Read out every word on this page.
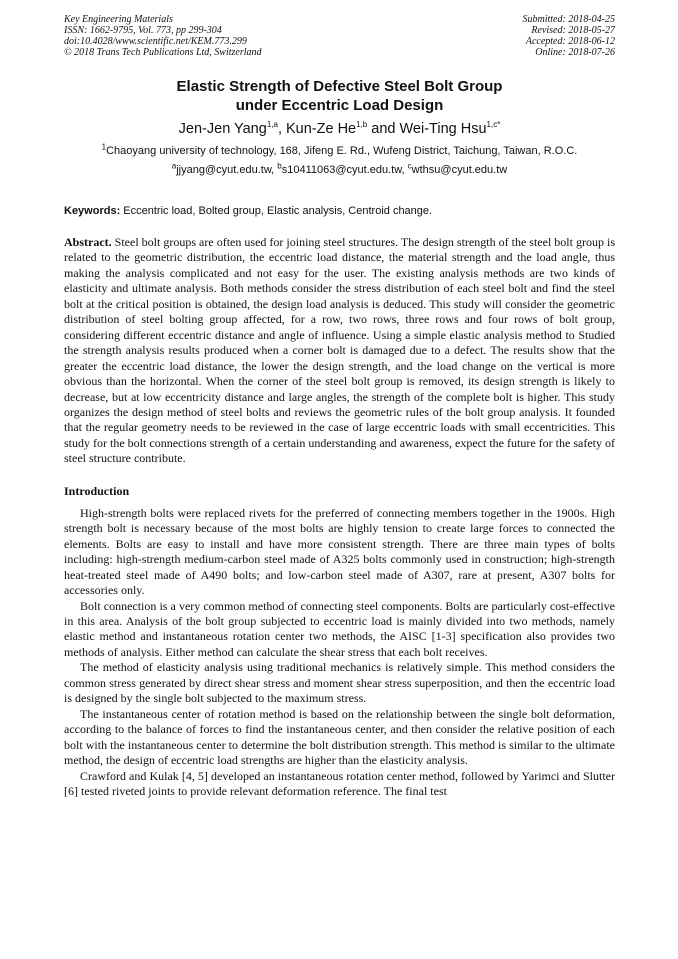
Key Engineering Materials
ISSN: 1662-9795, Vol. 773, pp 299-304
doi:10.4028/www.scientific.net/KEM.773.299
© 2018 Trans Tech Publications Ltd, Switzerland
Submitted: 2018-04-25
Revised: 2018-05-27
Accepted: 2018-06-12
Online: 2018-07-26
Elastic Strength of Defective Steel Bolt Group
under Eccentric Load Design
Jen-Jen Yang$^{1,a}$, Kun-Ze He$^{1,b}$ and Wei-Ting Hsu$^{1,c*}$
$^1$Chaoyang university of technology, 168, Jifeng E. Rd., Wufeng District, Taichung, Taiwan, R.O.C.
$^a$jjyang@cyut.edu.tw, $^b$s10411063@cyut.edu.tw, $^c$wthsu@cyut.edu.tw
Keywords: Eccentric load, Bolted group, Elastic analysis, Centroid change.
Abstract. Steel bolt groups are often used for joining steel structures. The design strength of the steel bolt group is related to the geometric distribution, the eccentric load distance, the material strength and the load angle, thus making the analysis complicated and not easy for the user. The existing analysis methods are two kinds of elasticity and ultimate analysis. Both methods consider the stress distribution of each steel bolt and find the steel bolt at the critical position is obtained, the design load analysis is deduced. This study will consider the geometric distribution of steel bolting group affected, for a row, two rows, three rows and four rows of bolt group, considering different eccentric distance and angle of influence. Using a simple elastic analysis method to Studied the strength analysis results produced when a corner bolt is damaged due to a defect. The results show that the greater the eccentric load distance, the lower the design strength, and the load change on the vertical is more obvious than the horizontal. When the corner of the steel bolt group is removed, its design strength is likely to decrease, but at low eccentricity distance and large angles, the strength of the complete bolt is higher. This study organizes the design method of steel bolts and reviews the geometric rules of the bolt group analysis. It founded that the regular geometry needs to be reviewed in the case of large eccentric loads with small eccentricities. This study for the bolt connections strength of a certain understanding and awareness, expect the future for the safety of steel structure contribute.
Introduction

High-strength bolts were replaced rivets for the preferred of connecting members together in the 1900s. High strength bolt is necessary because of the most bolts are highly tension to create large forces to connected the elements. Bolts are easy to install and have more consistent strength. There are three main types of bolts including: high-strength medium-carbon steel made of A325 bolts commonly used in construction; high-strength heat-treated steel made of A490 bolts; and low-carbon steel made of A307, rare at present, A307 bolts for accessories only.

Bolt connection is a very common method of connecting steel components. Bolts are particularly cost-effective in this area. Analysis of the bolt group subjected to eccentric load is mainly divided into two methods, namely elastic method and instantaneous rotation center two methods, the AISC [1-3] specification also provides two methods of analysis. Either method can calculate the shear stress that each bolt receives.

The method of elasticity analysis using traditional mechanics is relatively simple. This method considers the common stress generated by direct shear stress and moment shear stress superposition, and then the eccentric load is designed by the single bolt subjected to the maximum stress.

The instantaneous center of rotation method is based on the relationship between the single bolt deformation, according to the balance of forces to find the instantaneous center, and then consider the relative position of each bolt with the instantaneous center to determine the bolt distribution strength. This method is similar to the ultimate method, the design of eccentric load strengths are higher than the elasticity analysis.

Crawford and Kulak [4, 5] developed an instantaneous rotation center method, followed by Yarimci and Slutter [6] tested riveted joints to provide relevant deformation reference. The final test
